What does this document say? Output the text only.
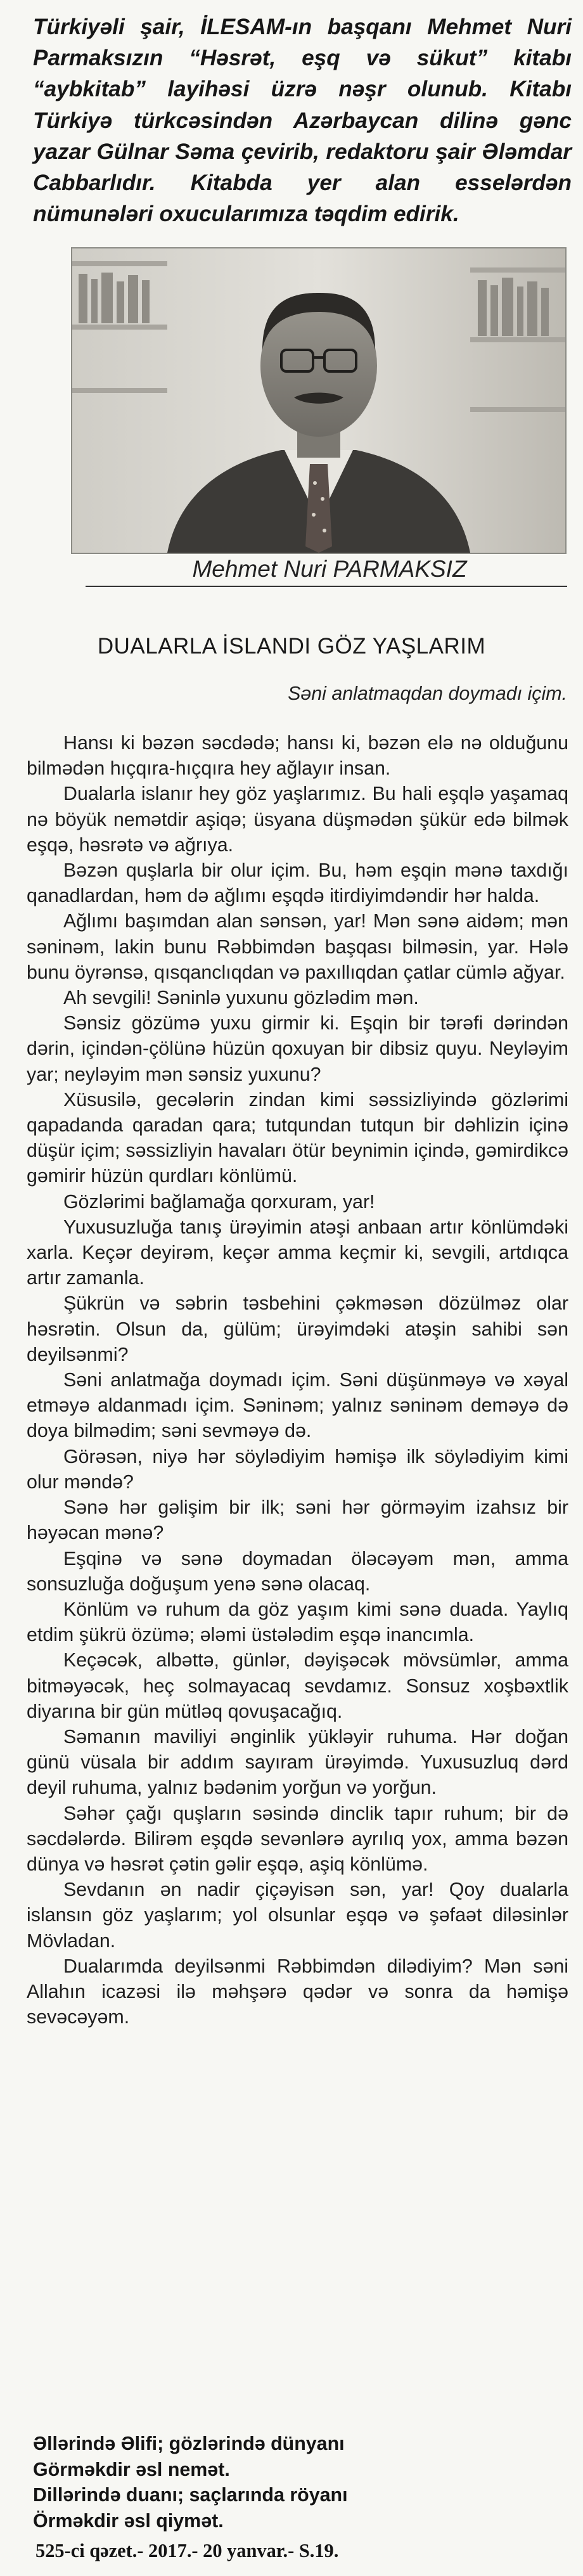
Türkiyəli şair, İLESAM-ın başqanı Mehmet Nuri Parmaksızın “Həsrət, eşq və sükut” kitabı “aybkitab” layihəsi üzrə nəşr olunub. Kitabı Türkiyə türkcəsindən Azərbaycan dilinə gənc yazar Gülnar Səma çevirib, redaktoru şair Ələmdar Cabbarlıdır. Kitabda yer alan esselərdən nümunələri oxucularımıza təqdim edirik.

Mehmet Nuri PARMAKSIZ
DUALARLA İSLANDI GÖZ YAŞLARIM
Səni anlatmaqdan doymadı içim.

Hansı ki bəzən səcdədə; hansı ki, bəzən elə nə olduğunu bilmədən hıçqıra-hıçqıra hey ağlayır insan.

Dualarla islanır hey göz yaşlarımız. Bu hali eşqlə yaşamaq nə böyük nemətdir aşiqə; üsyana düşmədən şükür edə bilmək eşqə, həsrətə və ağrıya.

Bəzən quşlarla bir olur içim. Bu, həm eşqin mənə taxdığı qanadlardan, həm də ağlımı eşqdə itirdiyimdəndir hər halda.

Ağlımı başımdan alan sənsən, yar! Mən sənə aidəm; mən səninəm, lakin bunu Rəbbimdən başqası bilməsin, yar. Hələ bunu öyrənsə, qısqanclıqdan və paxıllıqdan çatlar cümlə ağyar.

Ah sevgili! Səninlə yuxunu gözlədim mən.

Sənsiz gözümə yuxu girmir ki. Eşqin bir tərəfi dərindən dərin, içindən-çölünə hüzün qoxuyan bir dibsiz quyu. Neyləyim yar; neyləyim mən sənsiz yuxunu?

Xüsusilə, gecələrin zindan kimi səssizliyində gözlərimi qapadanda qaradan qara; tutqundan tutqun bir dəhlizin içinə düşür içim; səssizliyin havaları ötür beynimin içində, gəmirdikcə gəmirir hüzün qurdları könlümü.

Gözlərimi bağlamağa qorxuram, yar!

Yuxusuzluğa tanış ürəyimin atəşi anbaan artır könlümdəki xarla. Keçər deyirəm, keçər amma keçmir ki, sevgili, artdıqca artır zamanla.

Şükrün və səbrin təsbehini çəkməsən dözülməz olar həsrətin. Olsun da, gülüm; ürəyimdəki atəşin sahibi sən deyilsənmi?

Səni anlatmağa doymadı içim. Səni düşünməyə və xəyal etməyə aldanmadı içim. Səninəm; yalnız səninəm deməyə də doya bilmədim; səni sevməyə də.

Görəsən, niyə hər söylədiyim həmişə ilk söylədiyim kimi olur məndə?

Sənə hər gəlişim bir ilk; səni hər görməyim izahsız bir həyəcan mənə?

Eşqinə və sənə doymadan öləcəyəm mən, amma sonsuzluğa doğuşum yenə sənə olacaq.

Könlüm və ruhum da göz yaşım kimi sənə duada. Yaylıq etdim şükrü özümə; ələmi üstələdim eşqə inancımla.

Keçəcək, albəttə, günlər, dəyişəcək mövsümlər, amma bitməyəcək, heç solmayacaq sevdamız. Sonsuz xoşbəxtlik diyarına bir gün mütləq qovuşacağıq.

Səmanın maviliyi ənginlik yükləyir ruhuma. Hər doğan günü vüsala bir addım sayıram ürəyimdə. Yuxusuzluq dərd deyil ruhuma, yalnız bədənim yorğun və yorğun.

Səhər çağı quşların səsində dinclik tapır ruhum; bir də səcdələrdə. Bilirəm eşqdə sevənlərə ayrılıq yox, amma bəzən dünya və həsrət çətin gəlir eşqə, aşiq könlümə.

Sevdanın ən nadir çiçəyisən sən, yar! Qoy dualarla islansın göz yaşlarım; yol olsunlar eşqə və şəfaət diləsinlər Mövladan.

Dualarımda deyilsənmi Rəbbimdən dilədiyim? Mən səni Allahın icazəsi ilə məhşərə qədər və sonra da həmişə sevəcəyəm.

Əllərində Əlifi; gözlərində dünyanı
Görməkdir əsl nemət.
Dillərində duanı; saçlarında röyanı
Örməkdir əsl qiymət.
525-ci qəzet.- 2017.- 20 yanvar.- S.19.
